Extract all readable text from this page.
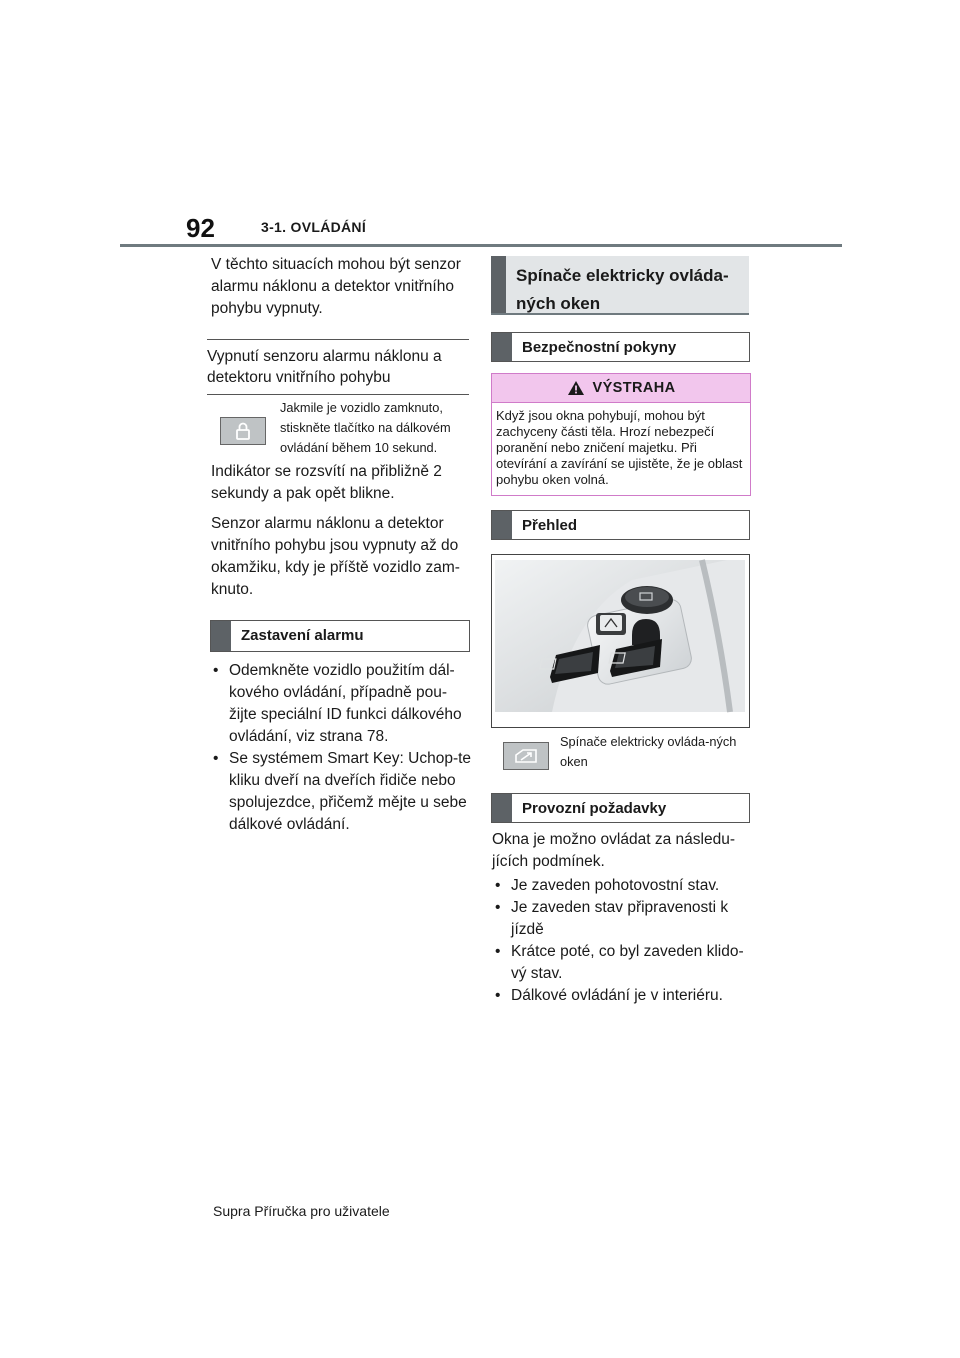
92	3-1. OVLÁDÁNÍ

V těchto situacích mohou být senzor alarmu náklonu a detektor vnitřního pohybu vypnuty.

Vypnutí senzoru alarmu náklonu a detektoru vnitřního pohybu
Jakmile je vozidlo zamknuto, stiskněte tlačítko na dálkovém ovládání během 10 sekund.

Indikátor se rozsvítí na přibližně 2 sekundy a pak opět blikne.

Senzor alarmu náklonu a detektor vnitřního pohybu jsou vypnuty až do okamžiku, kdy je příště vozidlo zam-knuto.

Zastavení alarmu
• Odemkněte vozidlo použitím dál-kového ovládání, případně pou-žijte speciální ID funkci dálkového ovládání, viz strana 78.
• Se systémem Smart Key: Uchop-te kliku dveří na dveřích řidiče nebo spolujezdce, přičemž mějte u sebe dálkové ovládání.
Spínače elektricky ovláda-ných oken
Bezpečnostní pokyny
VÝSTRAHA
Když jsou okna pohybují, mohou být zachyceny části těla. Hrozí nebezpečí poranění nebo zničení majetku. Při otevírání a zavírání se ujistěte, že je oblast pohybu oken volná.
Přehled
Spínače elektricky ovláda-ných oken
Provozní požadavky

Okna je možno ovládat za následu-jících podmínek.

• Je zaveden pohotovostní stav.
• Je zaveden stav připravenosti k jízdě
• Krátce poté, co byl zaveden klido-vý stav.
• Dálkové ovládání je v interiéru.
Supra Příručka pro uživatele
